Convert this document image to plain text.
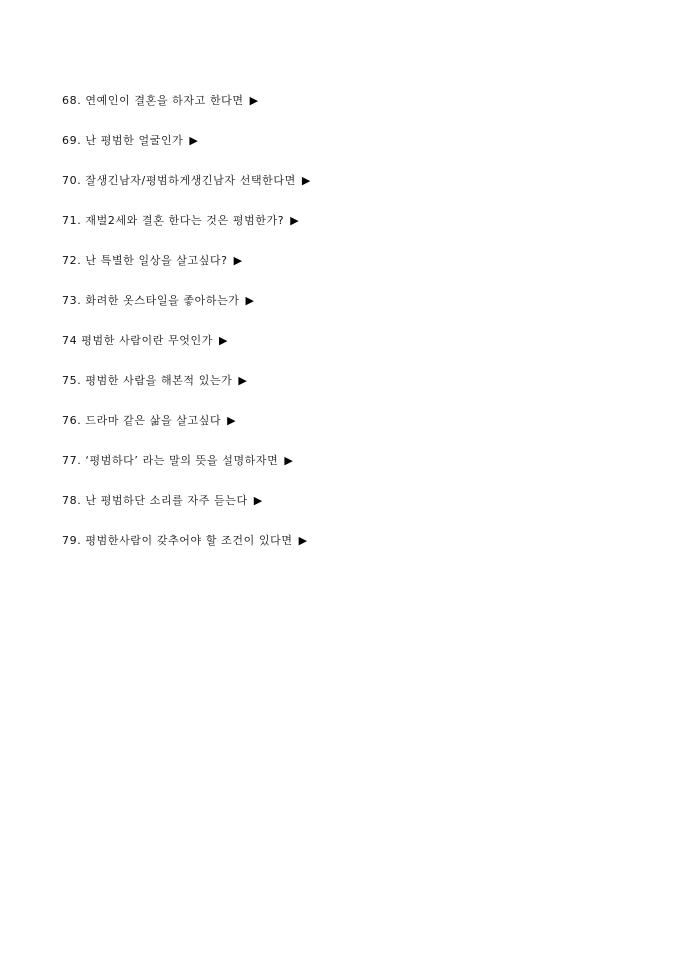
68. 연예인이 결혼을 하자고 한다면 ▶
69. 난 평범한 얼굴인가 ▶
70. 잘생긴남자/평범하게생긴남자 선택한다면 ▶
71. 재벌2세와 결혼 한다는 것은 평범한가? ▶
72. 난 특별한 일상을 살고싶다? ▶
73. 화려한 옷스타일을 좋아하는가 ▶
74 평범한 사람이란 무엇인가 ▶
75. 평범한 사람을 해본적 있는가 ▶
76. 드라마 같은 삶을 살고싶다 ▶
77. ‘평범하다’ 라는 말의 뜻을 설명하자면 ▶
78. 난 평범하단 소리를 자주 듣는다 ▶
79. 평범한사람이 갖추어야 할 조건이 있다면 ▶
